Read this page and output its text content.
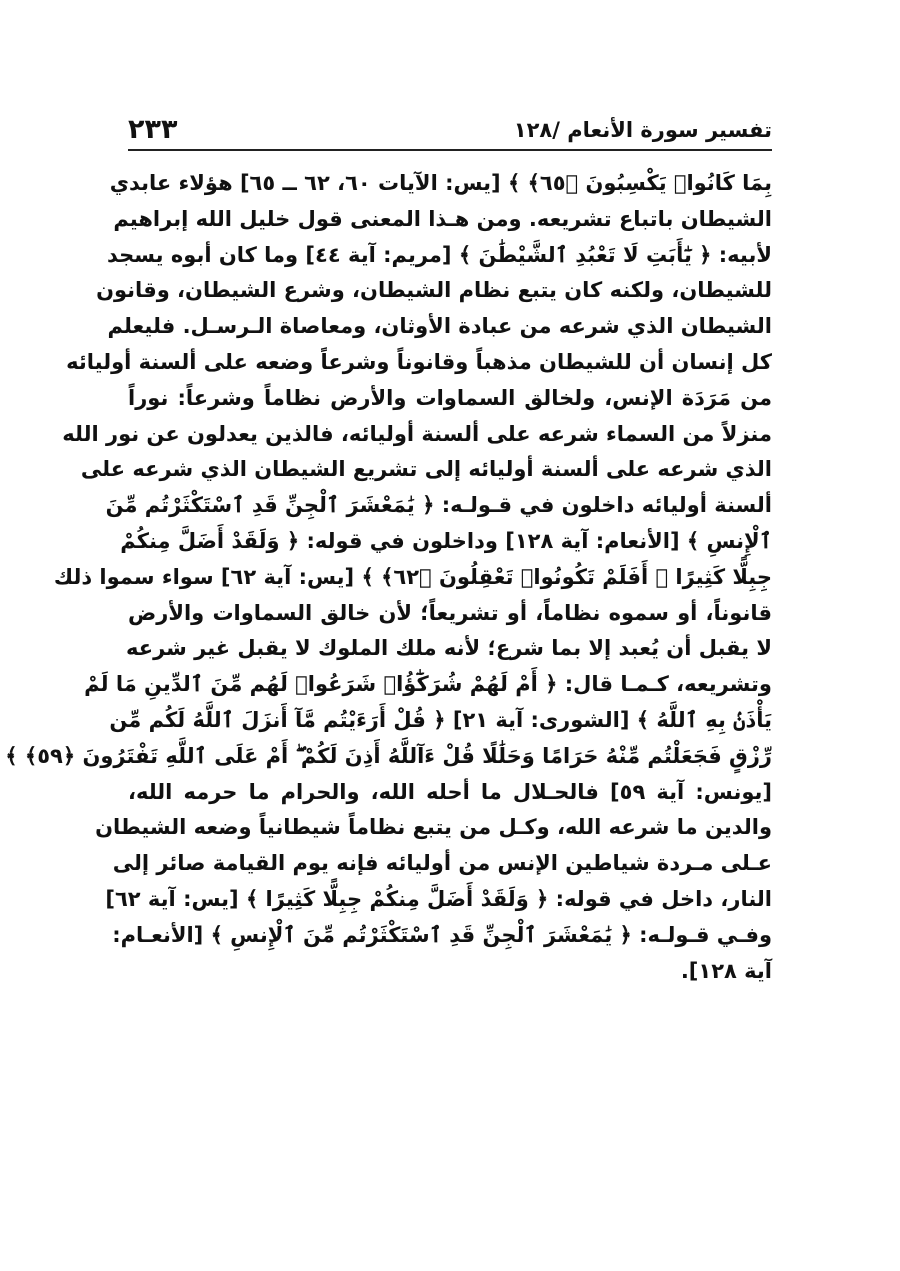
تفسير سورة الأنعام /١٢٨
٢٣٣
بِمَا كَانُوا۟ يَكْسِبُونَ ﴿٦٥﴾ ﴾ [يس: الآيات ٦٠، ٦٢ ــ ٦٥] هؤلاء عابدي
الشيطان باتباع تشريعه. ومن هـذا المعنى قول خليل الله إبراهيم
لأبيه: ﴿ يَٰٓأَبَتِ لَا تَعْبُدِ ٱلشَّيْطَٰنَ ﴾ [مريم: آية ٤٤] وما كان أبوه يسجد
للشيطان، ولكنه كان يتبع نظام الشيطان، وشرع الشيطان، وقانون
الشيطان الذي شرعه من عبادة الأوثان، ومعاصاة الـرسـل. فليعلم
كل إنسان أن للشيطان مذهباً وقانوناً وشرعاً وضعه على ألسنة أوليائه
من مَرَدَة الإنس، ولخالق السماوات والأرض نظاماً وشرعاً: نوراً
منزلاً من السماء شرعه على ألسنة أوليائه، فالذين يعدلون عن نور الله
الذي شرعه على ألسنة أوليائه إلى تشريع الشيطان الذي شرعه على
ألسنة أوليائه داخلون في قـولـه: ﴿ يَٰمَعْشَرَ ٱلْجِنِّ قَدِ ٱسْتَكْثَرْتُم مِّنَ
ٱلْإِنسِ ﴾ [الأنعام: آية ١٢٨] وداخلون في قوله: ﴿ وَلَقَدْ أَضَلَّ مِنكُمْ
جِبِلًّا كَثِيرًا ۖ أَفَلَمْ تَكُونُوا۟ تَعْقِلُونَ ﴿٦٢﴾ ﴾ [يس: آية ٦٢] سواء سموا ذلك
قانوناً، أو سموه نظاماً، أو تشريعاً؛ لأن خالق السماوات والأرض
لا يقبل أن يُعبد إلا بما شرع؛ لأنه ملك الملوك لا يقبل غير شرعه
وتشريعه، كـمـا قال: ﴿ أَمْ لَهُمْ شُرَكَٰٓؤُا۟ شَرَعُوا۟ لَهُم مِّنَ ٱلدِّينِ مَا لَمْ
يَأْذَنۢ بِهِ ٱللَّهُ ﴾ [الشورى: آية ٢١] ﴿ قُلْ أَرَءَيْتُم مَّآ أَنزَلَ ٱللَّهُ لَكُم مِّن
رِّزْقٍ فَجَعَلْتُم مِّنْهُ حَرَامًا وَحَلَٰلًا قُلْ ءَآللَّهُ أَذِنَ لَكُمْ ۖ أَمْ عَلَى ٱللَّهِ تَفْتَرُونَ ﴿٥٩﴾ ﴾
[يونس: آية ٥٩] فالحـلال ما أحله الله، والحرام ما حرمه الله،
والدين ما شرعه الله، وكـل من يتبع نظاماً شيطانياً وضعه الشيطان
عـلى مـردة شياطين الإنس من أوليائه فإنه يوم القيامة صائر إلى
النار، داخل في قوله: ﴿ وَلَقَدْ أَضَلَّ مِنكُمْ جِبِلًّا كَثِيرًا ﴾ [يس: آية ٦٢]
وفـي قـولـه: ﴿ يَٰمَعْشَرَ ٱلْجِنِّ قَدِ ٱسْتَكْثَرْتُم مِّنَ ٱلْإِنسِ ﴾ [الأنعـام:
آية ١٢٨].
